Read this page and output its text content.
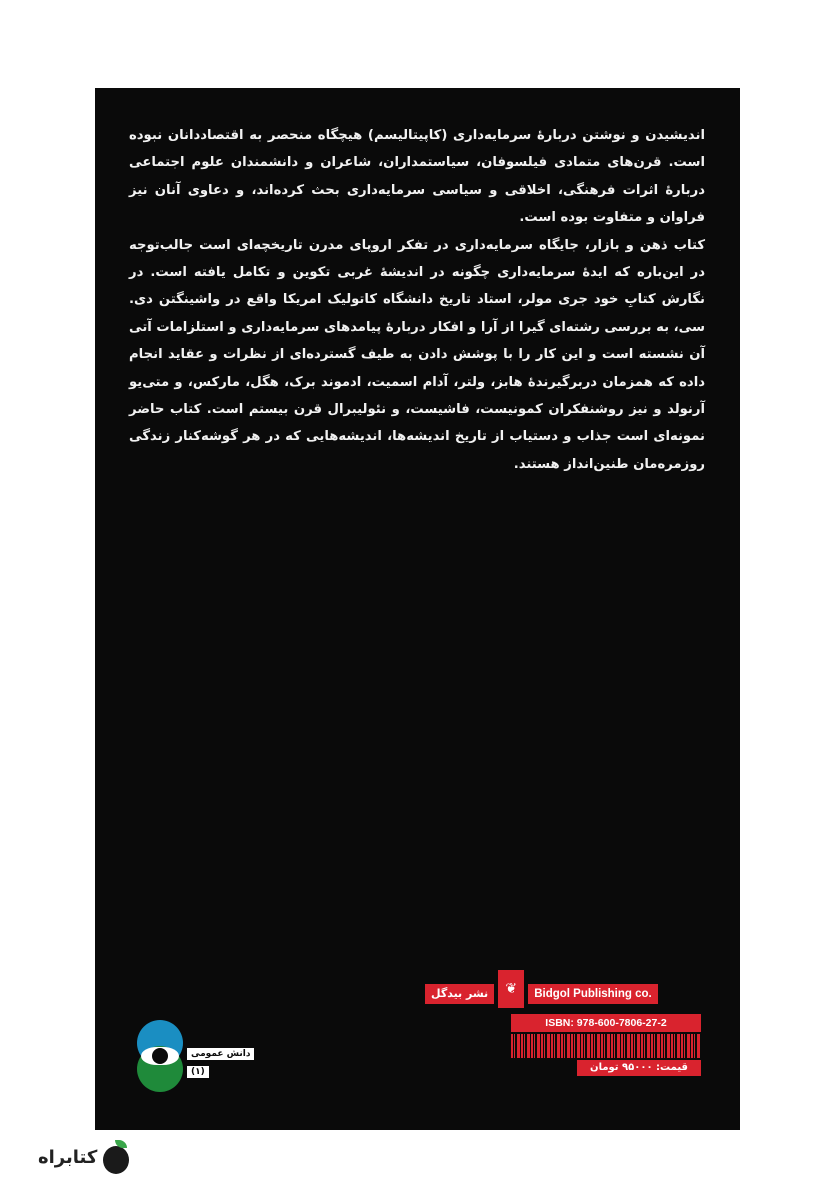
اندیشیدن و نوشتن دربارهٔ سرمایه‌داری (کاپیتالیسم) هیچگاه منحصر به اقتصاددانان نبوده است. قرن‌های متمادی فیلسوفان، سیاستمداران، شاعران و دانشمندان علوم اجتماعی دربارهٔ اثرات فرهنگی، اخلاقی و سیاسی سرمایه‌داری بحث کرده‌اند، و دعاوی آنان نیز فراوان و متفاوت بوده است.

کتاب ذهن و بازار، جایگاه سرمایه‌داری در تفکر اروپای مدرن تاریخچه‌ای است جالب‌توجه در این‌باره که ایدهٔ سرمایه‌داری چگونه در اندیشهٔ غربی تکوین و تکامل یافته است. در نگارش کتابِ خود جری مولر، استاد تاریخ دانشگاه کاتولیک امریکا واقع در واشینگتن دی. سی، به بررسی رشته‌ای گیرا از آرا و افکار دربارهٔ پیامدهای سرمایه‌داری و استلزامات آتی آن نشسته است و این کار را با پوشش دادن به طیف گسترده‌ای از نظرات و عقاید انجام داده که همزمان دربرگیرندهٔ هابز، ولتر، آدام اسمیت، ادموند برک، هگل، مارکس، و متی‌یو آرنولد و نیز روشنفکران کمونیست، فاشیست، و نئولیبرال قرن بیستم است. کتاب حاضر نمونه‌ای است جذاب و دستیاب از تاریخ اندیشه‌ها، اندیشه‌هایی که در هر گوشه‌کنار زندگی روزمره‌مان طنین‌انداز هستند.

دانش عمومی
(۱)
نشر بیدگل	❦	Bidgol Publishing co.
ISBN: 978-600-7806-27-2
قیمت: ۹۵۰۰۰ تومان
کتابراه
